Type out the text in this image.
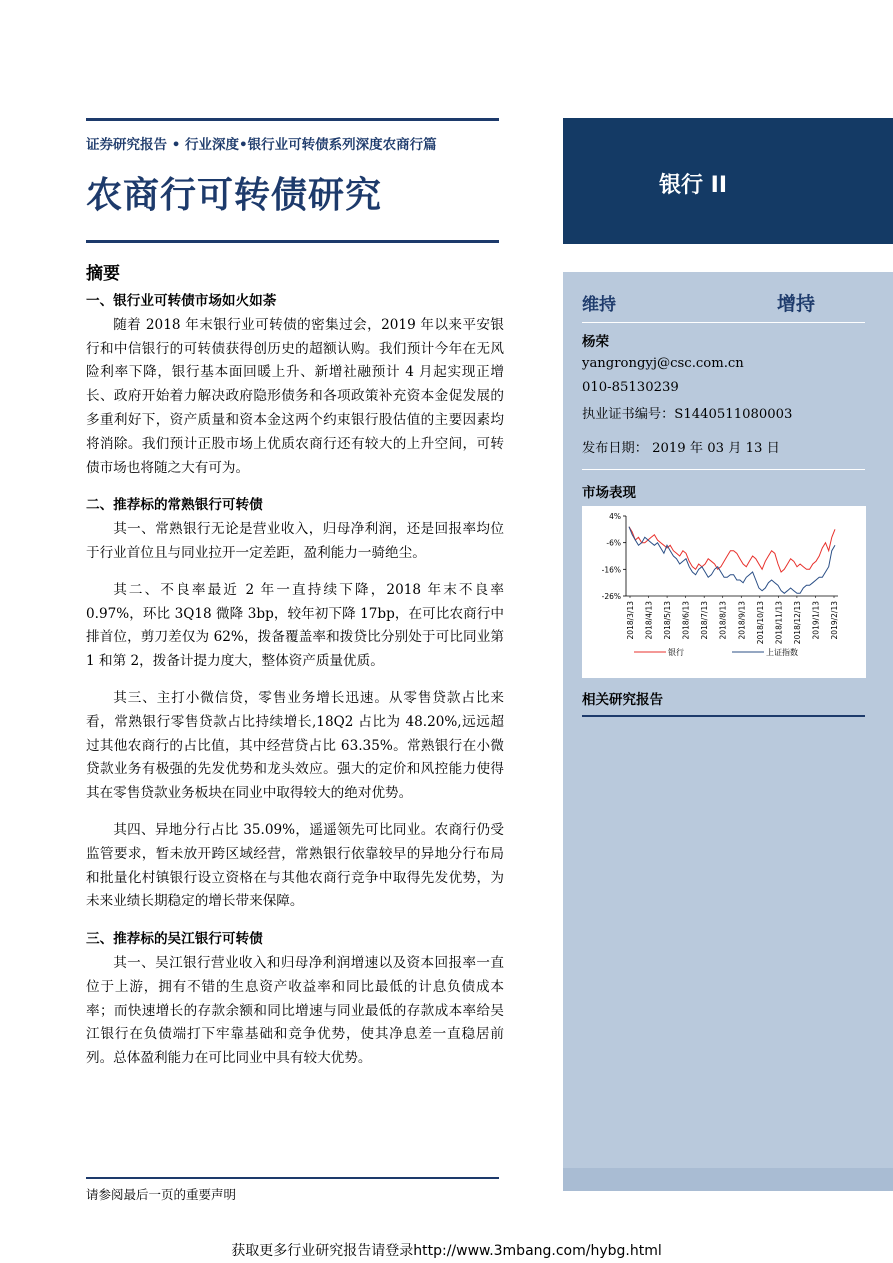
证券研究报告 • 行业深度•银行业可转债系列深度农商行篇
农商行可转债研究
摘要
一、银行业可转债市场如火如荼

随着 2018 年末银行业可转债的密集过会，2019 年以来平安银行和中信银行的可转债获得创历史的超额认购。我们预计今年在无风险利率下降，银行基本面回暖上升、新增社融预计 4 月起实现正增长、政府开始着力解决政府隐形债务和各项政策补充资本金促发展的多重利好下，资产质量和资本金这两个约束银行股估值的主要因素均将消除。我们预计正股市场上优质农商行还有较大的上升空间，可转债市场也将随之大有可为。

二、推荐标的常熟银行可转债

其一、常熟银行无论是营业收入，归母净利润，还是回报率均位于行业首位且与同业拉开一定差距，盈利能力一骑绝尘。

其二、不良率最近 2 年一直持续下降，2018 年末不良率 0.97%，环比 3Q18 微降 3bp，较年初下降 17bp，在可比农商行中排首位，剪刀差仅为 62%，拨备覆盖率和拨贷比分别处于可比同业第 1 和第 2，拨备计提力度大，整体资产质量优质。

其三、主打小微信贷，零售业务增长迅速。从零售贷款占比来看，常熟银行零售贷款占比持续增长,18Q2 占比为 48.20%,远远超过其他农商行的占比值，其中经营贷占比 63.35%。常熟银行在小微贷款业务有极强的先发优势和龙头效应。强大的定价和风控能力使得其在零售贷款业务板块在同业中取得较大的绝对优势。

其四、异地分行占比 35.09%，遥遥领先可比同业。农商行仍受监管要求，暂未放开跨区域经营，常熟银行依靠较早的异地分行布局和批量化村镇银行设立资格在与其他农商行竞争中取得先发优势，为未来业绩长期稳定的增长带来保障。

三、推荐标的吴江银行可转债

其一、吴江银行营业收入和归母净利润增速以及资本回报率一直位于上游，拥有不错的生息资产收益率和同比最低的计息负债成本率；而快速增长的存款余额和同比增速与同业最低的存款成本率给吴江银行在负债端打下牢靠基础和竞争优势，使其净息差一直稳居前列。总体盈利能力在可比同业中具有较大优势。

请参阅最后一页的重要声明
获取更多行业研究报告请登录http://www.3mbang.com/hybg.html
银行 II
维持	增持
杨荣
yangrongyj@csc.com.cn
010-85130239
执业证书编号：S1440511080003
发布日期： 2019 年 03 月 13 日
市场表现
4%
-6%
-16%
-26%
2018/3/13 2018/4/13 2018/5/13 2018/6/13 2018/7/13 2018/8/13 2018/9/13 2018/10/13 2018/11/13 2018/12/13 2019/1/13 2019/2/13
银行	上证指数
相关研究报告
